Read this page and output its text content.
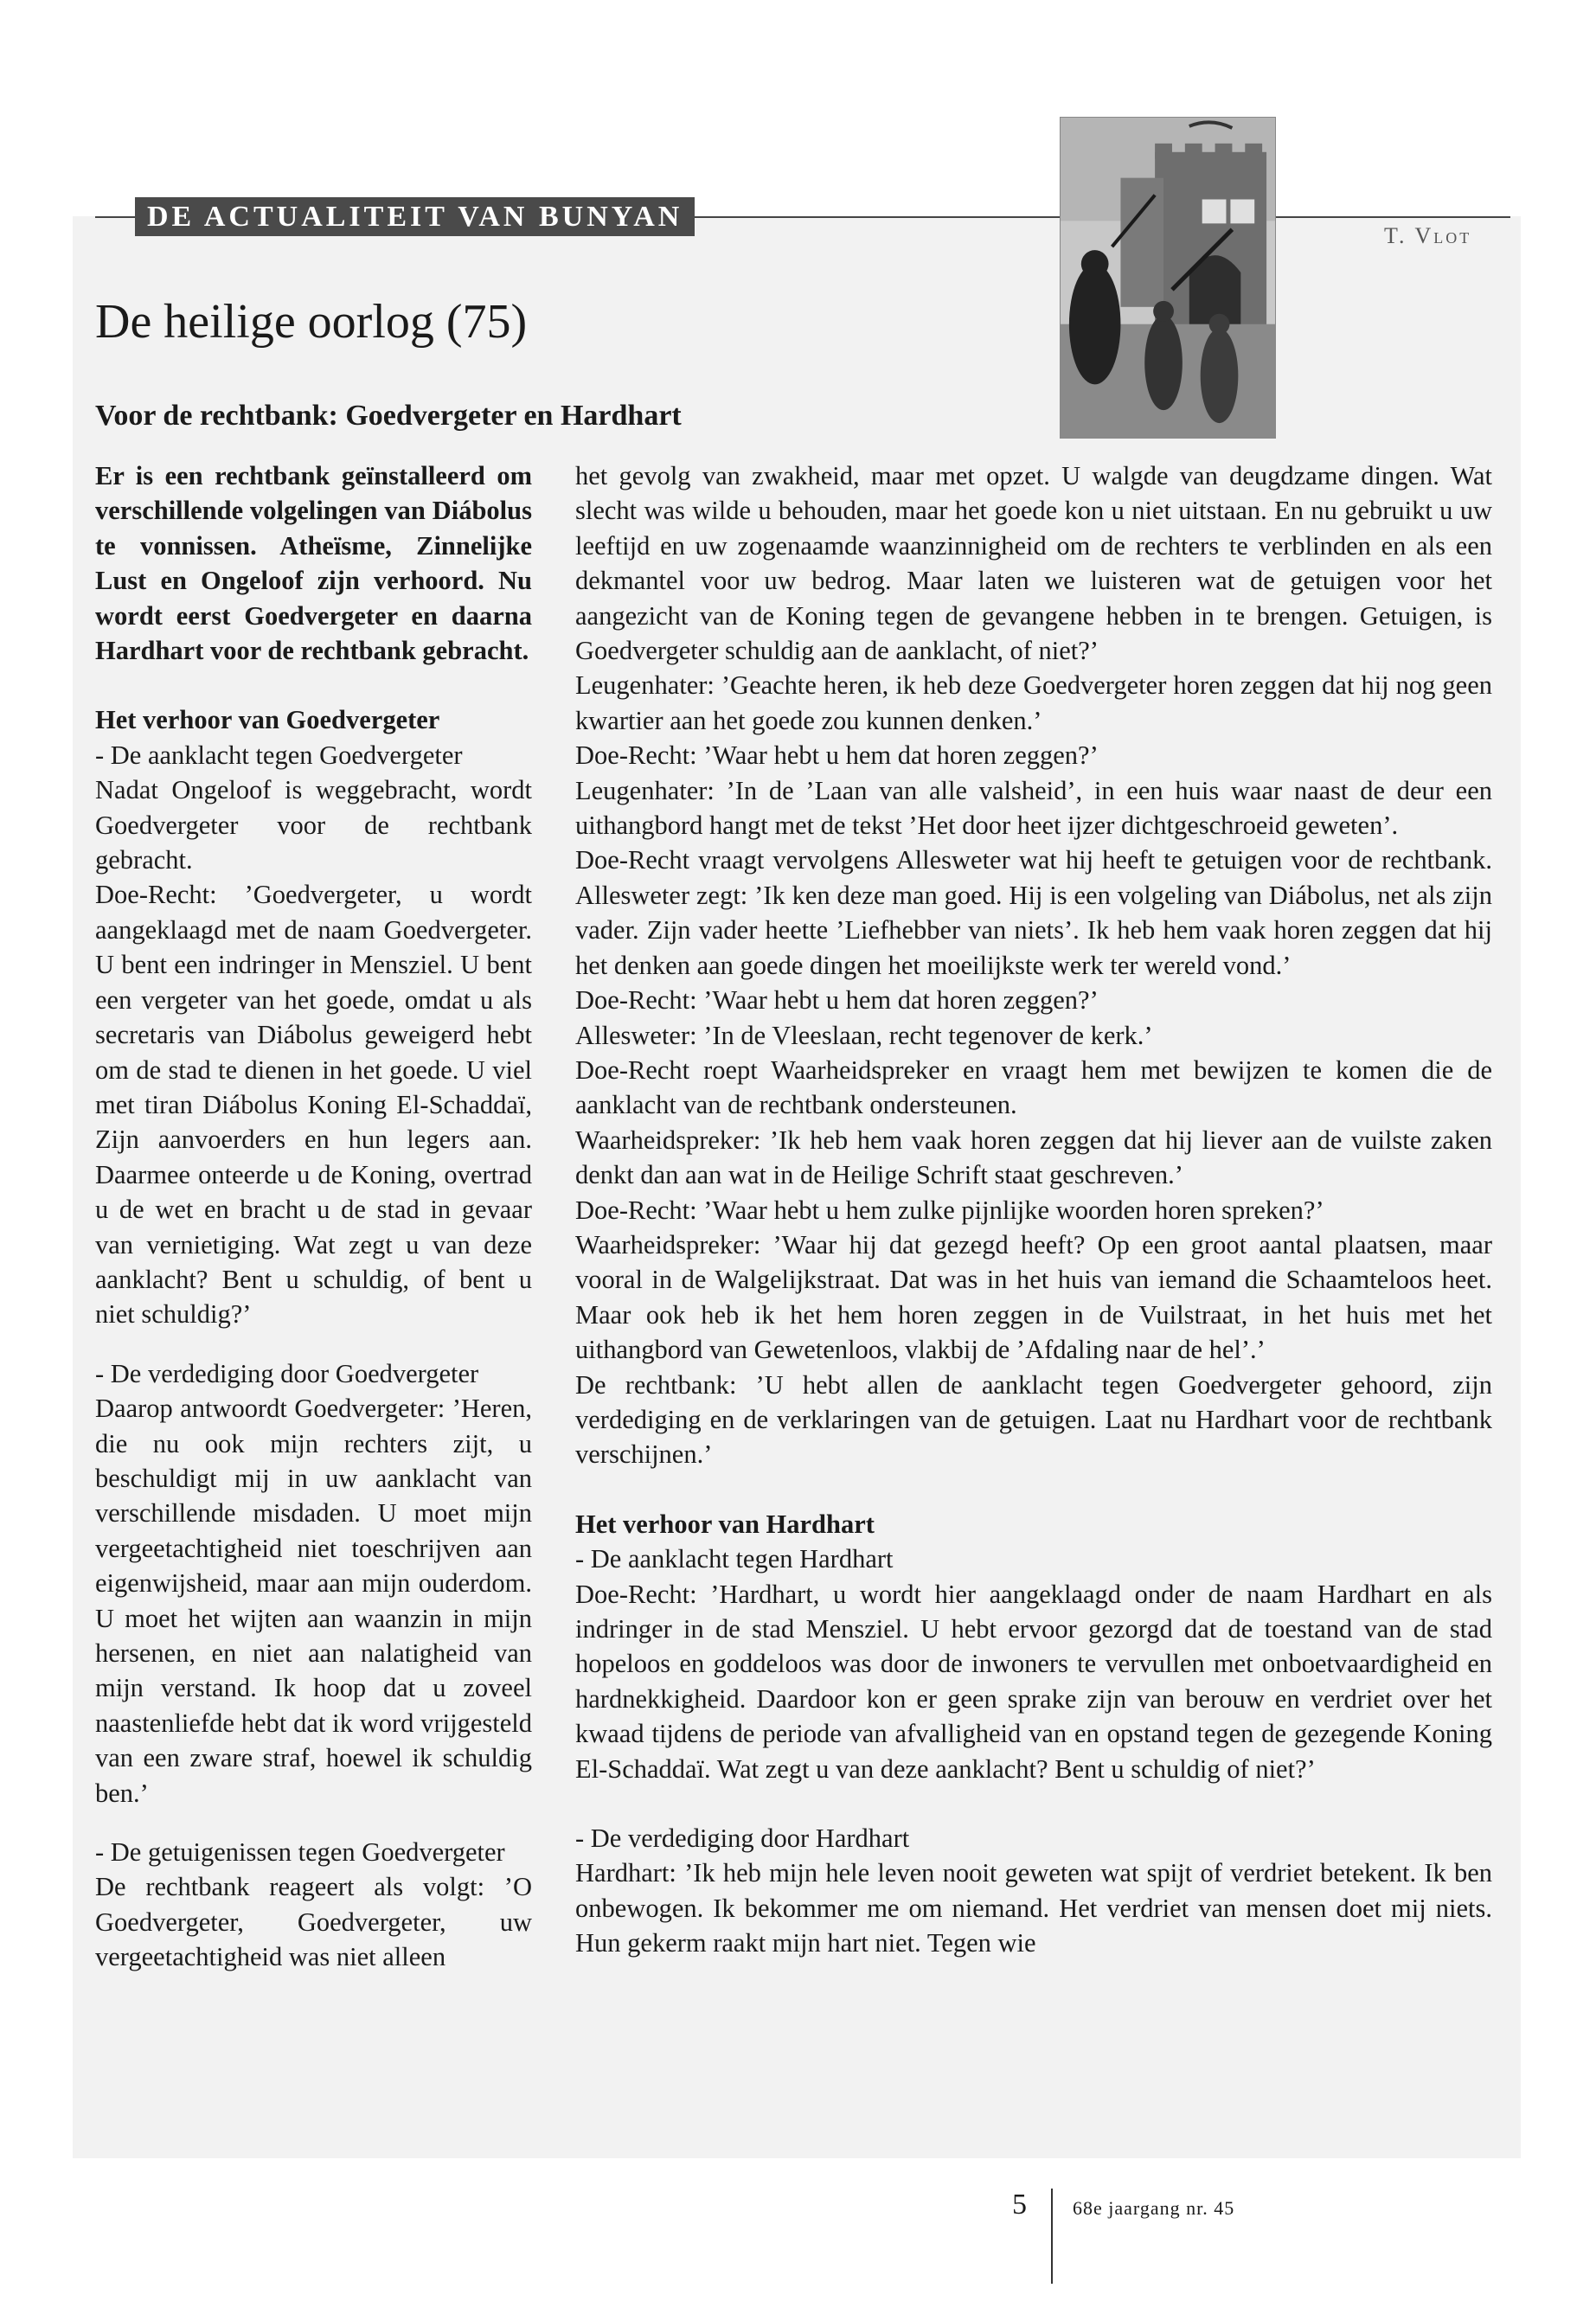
DE ACTUALITEIT VAN BUNYAN
T. Vlot
De heilige oorlog (75)
Voor de rechtbank: Goedvergeter en Hardhart

Er is een rechtbank geïnstalleerd om verschillende volgelingen van Diábolus te vonnissen. Atheïsme, Zinnelijke Lust en Ongeloof zijn verhoord. Nu wordt eerst Goedvergeter en daarna Hardhart voor de rechtbank gebracht.

Het verhoor van Goedvergeter

- De aanklacht tegen Goedvergeter

Nadat Ongeloof is weggebracht, wordt Goedvergeter voor de rechtbank gebracht.

Doe-Recht: ’Goedvergeter, u wordt aangeklaagd met de naam Goedvergeter. U bent een indringer in Mensziel. U bent een vergeter van het goede, omdat u als secretaris van Diábolus geweigerd hebt om de stad te dienen in het goede. U viel met tiran Diábolus Koning El-Schaddaï, Zijn aanvoerders en hun legers aan. Daarmee onteerde u de Koning, overtrad u de wet en bracht u de stad in gevaar van vernietiging. Wat zegt u van deze aanklacht? Bent u schuldig, of bent u niet schuldig?’

- De verdediging door Goedvergeter

Daarop antwoordt Goedvergeter: ’Heren, die nu ook mijn rechters zijt, u beschuldigt mij in uw aanklacht van verschillende misdaden. U moet mijn vergeetachtigheid niet toeschrijven aan eigenwijsheid, maar aan mijn ouderdom. U moet het wijten aan waanzin in mijn hersenen, en niet aan nalatigheid van mijn verstand. Ik hoop dat u zoveel naastenliefde hebt dat ik word vrijgesteld van een zware straf, hoewel ik schuldig ben.’

- De getuigenissen tegen Goedvergeter

De rechtbank reageert als volgt: ’O Goedvergeter, Goedvergeter, uw vergeetachtigheid was niet alleen

het gevolg van zwakheid, maar met opzet. U walgde van deugdzame dingen. Wat slecht was wilde u behouden, maar het goede kon u niet uitstaan. En nu gebruikt u uw leeftijd en uw zogenaamde waanzinnigheid om de rechters te verblinden en als een dekmantel voor uw bedrog. Maar laten we luisteren wat de getuigen voor het aangezicht van de Koning tegen de gevangene hebben in te brengen. Getuigen, is Goedvergeter schuldig aan de aanklacht, of niet?’

Leugenhater: ’Geachte heren, ik heb deze Goedvergeter horen zeggen dat hij nog geen kwartier aan het goede zou kunnen denken.’

Doe-Recht: ’Waar hebt u hem dat horen zeggen?’

Leugenhater: ’In de ’Laan van alle valsheid’, in een huis waar naast de deur een uithangbord hangt met de tekst ’Het door heet ijzer dichtgeschroeid geweten’.

Doe-Recht vraagt vervolgens Allesweter wat hij heeft te getuigen voor de rechtbank. Allesweter zegt: ’Ik ken deze man goed. Hij is een volgeling van Diábolus, net als zijn vader. Zijn vader heette ’Liefhebber van niets’. Ik heb hem vaak horen zeggen dat hij het denken aan goede dingen het moeilijkste werk ter wereld vond.’

Doe-Recht: ’Waar hebt u hem dat horen zeggen?’

Allesweter: ’In de Vleeslaan, recht tegenover de kerk.’

Doe-Recht roept Waarheidspreker en vraagt hem met bewijzen te komen die de aanklacht van de rechtbank ondersteunen.

Waarheidspreker: ’Ik heb hem vaak horen zeggen dat hij liever aan de vuilste zaken denkt dan aan wat in de Heilige Schrift staat geschreven.’

Doe-Recht: ’Waar hebt u hem zulke pijnlijke woorden horen spreken?’

Waarheidspreker: ’Waar hij dat gezegd heeft? Op een groot aantal plaatsen, maar vooral in de Walgelijkstraat. Dat was in het huis van iemand die Schaamteloos heet. Maar ook heb ik het hem horen zeggen in de Vuilstraat, in het huis met het uithangbord van Gewetenloos, vlakbij de ’Afdaling naar de hel’.’

De rechtbank: ’U hebt allen de aanklacht tegen Goedvergeter gehoord, zijn verdediging en de verklaringen van de getuigen. Laat nu Hardhart voor de rechtbank verschijnen.’

Het verhoor van Hardhart

- De aanklacht tegen Hardhart

Doe-Recht: ’Hardhart, u wordt hier aangeklaagd onder de naam Hardhart en als indringer in de stad Mensziel. U hebt ervoor gezorgd dat de toestand van de stad hopeloos en goddeloos was door de inwoners te vervullen met onboetvaardigheid en hardnekkigheid. Daardoor kon er geen sprake zijn van berouw en verdriet over het kwaad tijdens de periode van afvalligheid van en opstand tegen de gezegende Koning El-Schaddaï. Wat zegt u van deze aanklacht? Bent u schuldig of niet?’

- De verdediging door Hardhart

Hardhart: ’Ik heb mijn hele leven nooit geweten wat spijt of verdriet betekent. Ik ben onbewogen. Ik bekommer me om niemand. Het verdriet van mensen doet mij niets. Hun gekerm raakt mijn hart niet. Tegen wie

5 68e jaargang nr. 45
